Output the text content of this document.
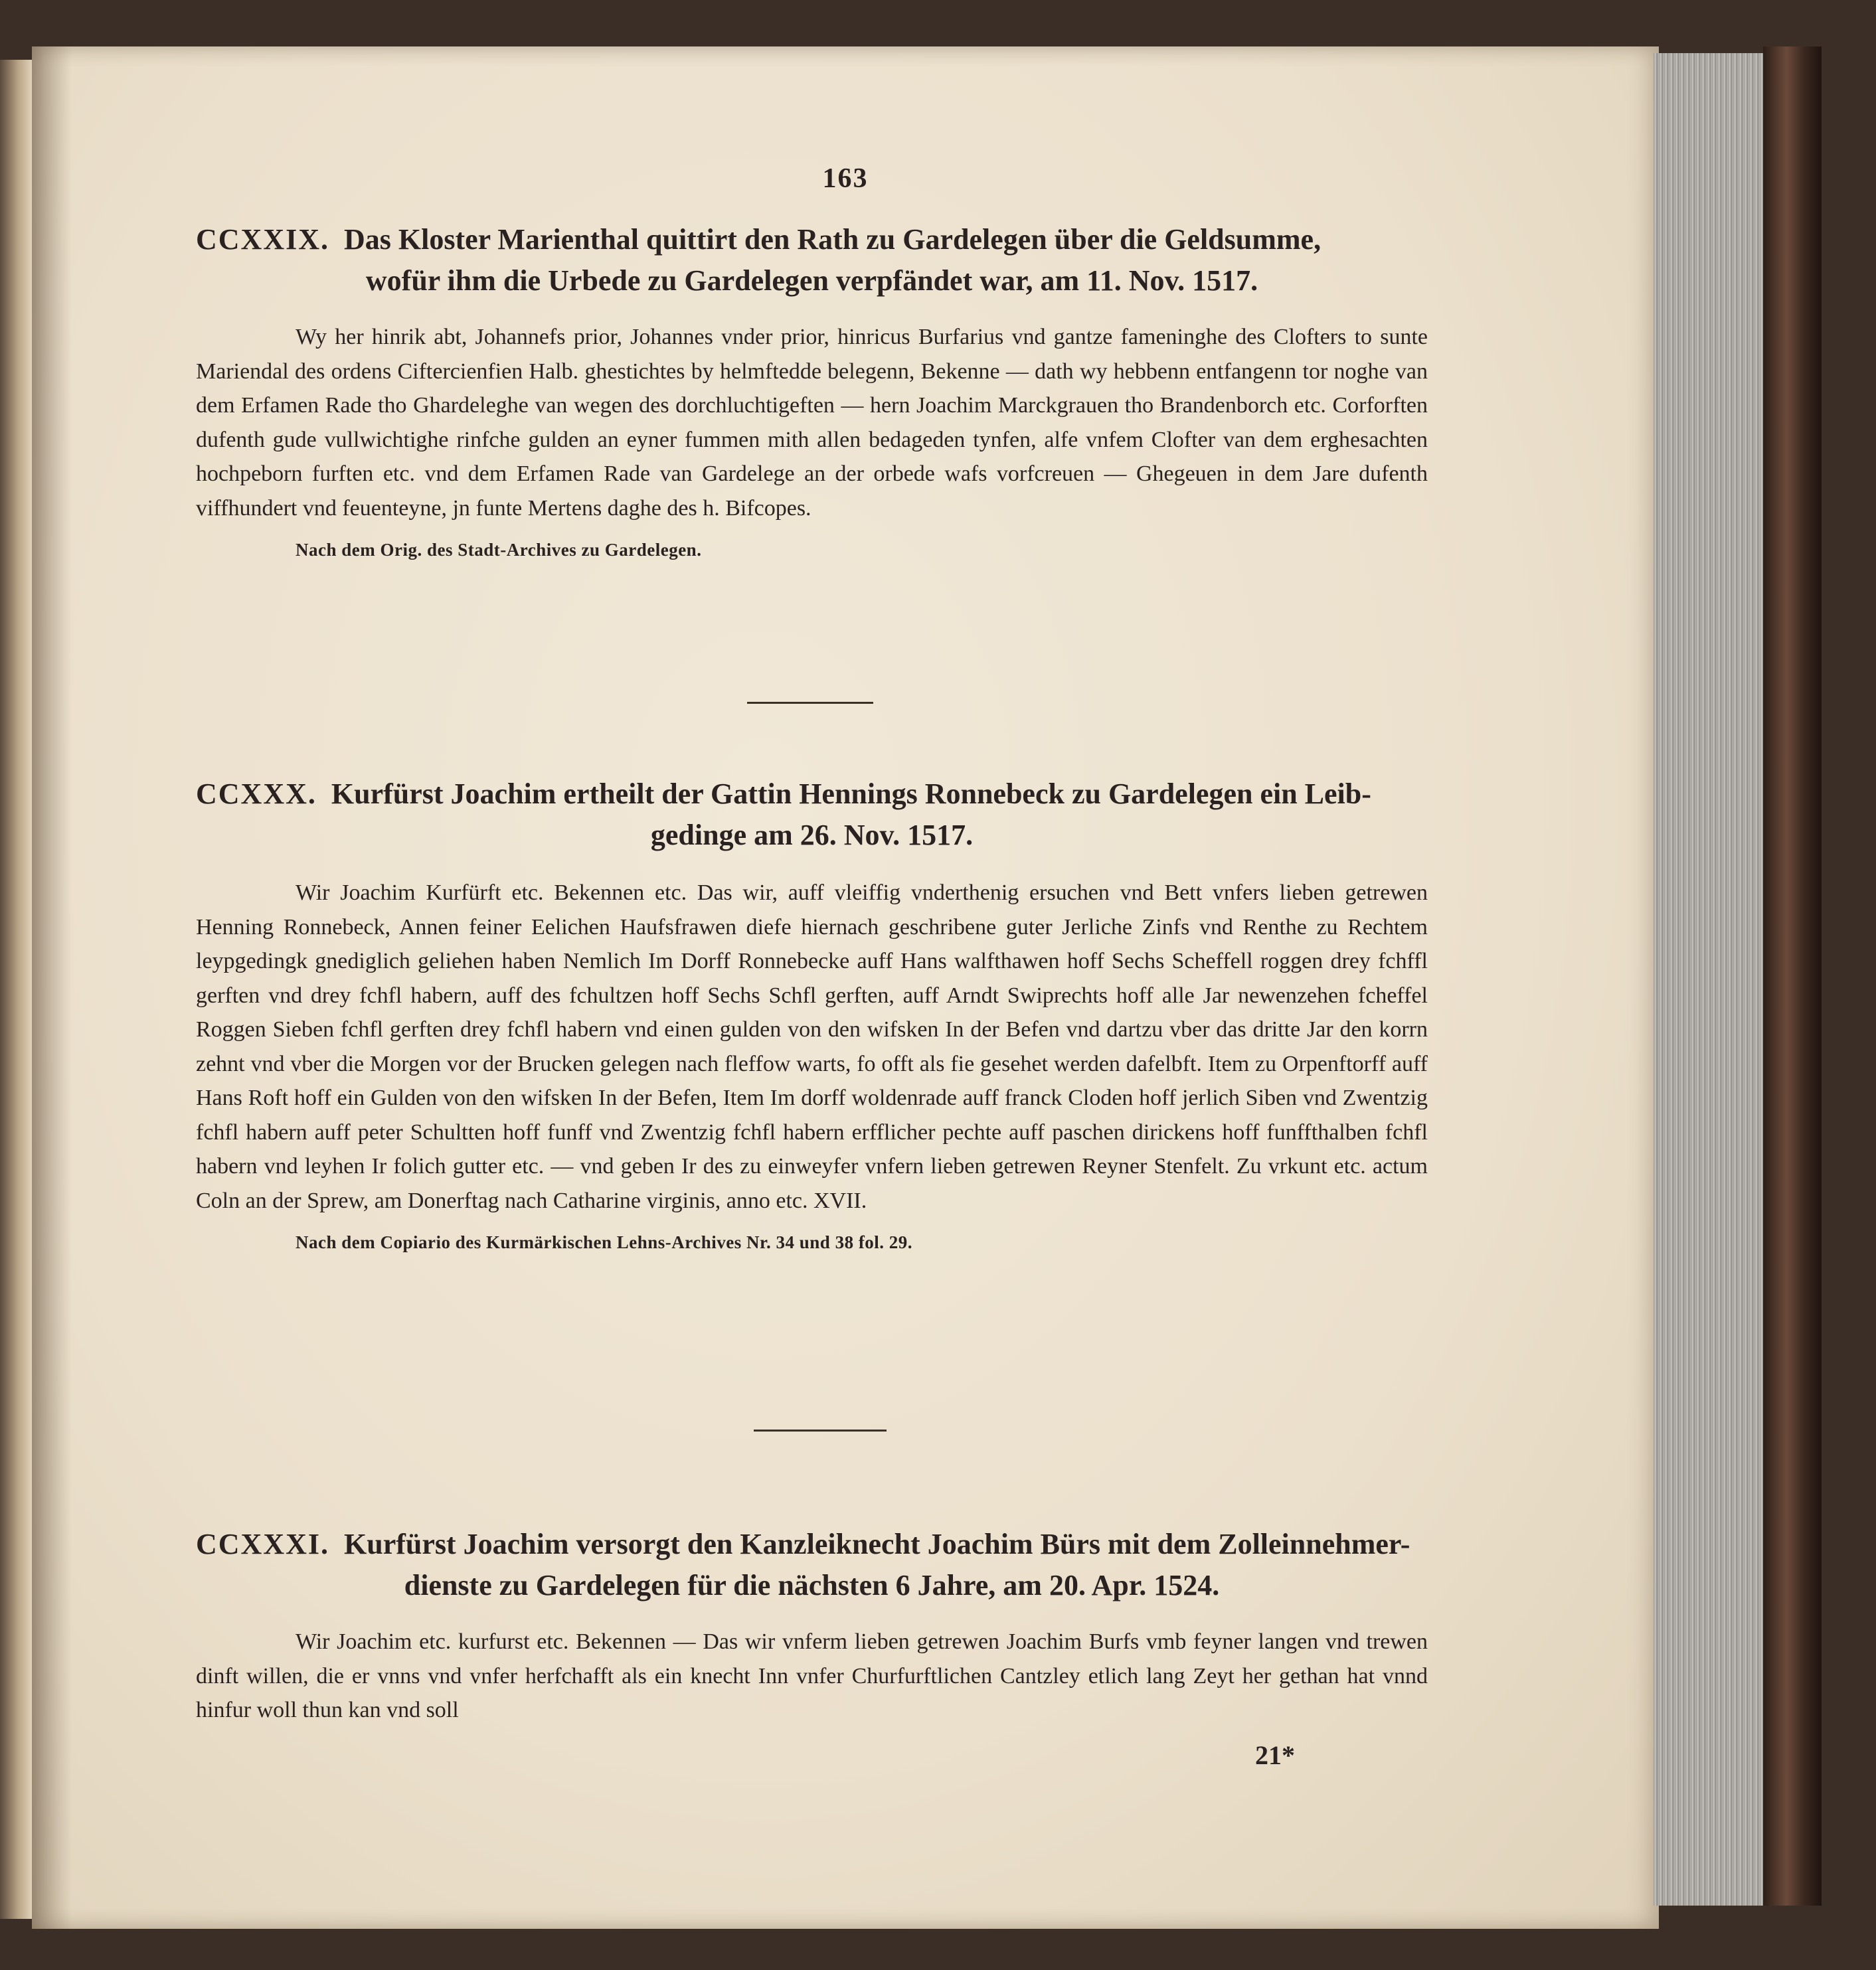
163

CCXXIX. Das Kloster Marienthal quittirt den Rath zu Gardelegen über die Geldsumme,
wofür ihm die Urbede zu Gardelegen verpfändet war, am 11. Nov. 1517.

Wy her hinrik abt, Johannefs prior, Johannes vnder prior, hinricus Burfarius vnd gantze fameninghe des Clofters to sunte Mariendal des ordens Ciftercienfien Halb. ghestichtes by helmftedde belegenn, Bekenne — dath wy hebbenn entfangenn tor noghe van dem Erfamen Rade tho Ghardeleghe van wegen des dorchluchtigeften — hern Joachim Marckgrauen tho Brandenborch etc. Corforften dufenth gude vullwichtighe rinfche gulden an eyner fummen mith allen bedageden tynfen, alfe vnfem Clofter van dem erghesachten hochpeborn furften etc. vnd dem Erfamen Rade van Gardelege an der orbede wafs vorfcreuen — Ghegeuen in dem Jare dufenth viffhundert vnd feuenteyne, jn funte Mertens daghe des h. Bifcopes.

Nach dem Orig. des Stadt-Archives zu Gardelegen.

CCXXX. Kurfürst Joachim ertheilt der Gattin Hennings Ronnebeck zu Gardelegen ein Leib-
gedinge am 26. Nov. 1517.

Wir Joachim Kurfürft etc. Bekennen etc. Das wir, auff vleiffig vnderthenig ersuchen vnd Bett vnfers lieben getrewen Henning Ronnebeck, Annen feiner Eelichen Haufsfrawen diefe hiernach geschribene guter Jerliche Zinfs vnd Renthe zu Rechtem leypgedingk gnediglich geliehen haben Nemlich Im Dorff Ronnebecke auff Hans walfthawen hoff Sechs Scheffell roggen drey fchffl gerften vnd drey fchfl habern, auff des fchultzen hoff Sechs Schfl gerften, auff Arndt Swiprechts hoff alle Jar newenzehen fcheffel Roggen Sieben fchfl gerften drey fchfl habern vnd einen gulden von den wifsken In der Befen vnd dartzu vber das dritte Jar den korrn zehnt vnd vber die Morgen vor der Brucken gelegen nach fleffow warts, fo offt als fie gesehet werden dafelbft. Item zu Orpenftorff auff Hans Roft hoff ein Gulden von den wifsken In der Befen, Item Im dorff woldenrade auff franck Cloden hoff jerlich Siben vnd Zwentzig fchfl habern auff peter Schultten hoff funff vnd Zwentzig fchfl habern erfflicher pechte auff paschen dirickens hoff funffthalben fchfl habern vnd leyhen Ir folich gutter etc. — vnd geben Ir des zu einweyfer vnfern lieben getrewen Reyner Stenfelt. Zu vrkunt etc. actum Coln an der Sprew, am Donerftag nach Catharine virginis, anno etc. XVII.

Nach dem Copiario des Kurmärkischen Lehns-Archives Nr. 34 und 38 fol. 29.

CCXXXI. Kurfürst Joachim versorgt den Kanzleiknecht Joachim Bürs mit dem Zolleinnehmer-
dienste zu Gardelegen für die nächsten 6 Jahre, am 20. Apr. 1524.

Wir Joachim etc. kurfurst etc. Bekennen — Das wir vnferm lieben getrewen Joachim Burfs vmb feyner langen vnd trewen dinft willen, die er vnns vnd vnfer herfchafft als ein knecht Inn vnfer Churfurftlichen Cantzley etlich lang Zeyt her gethan hat vnnd hinfur woll thun kan vnd soll

21*
